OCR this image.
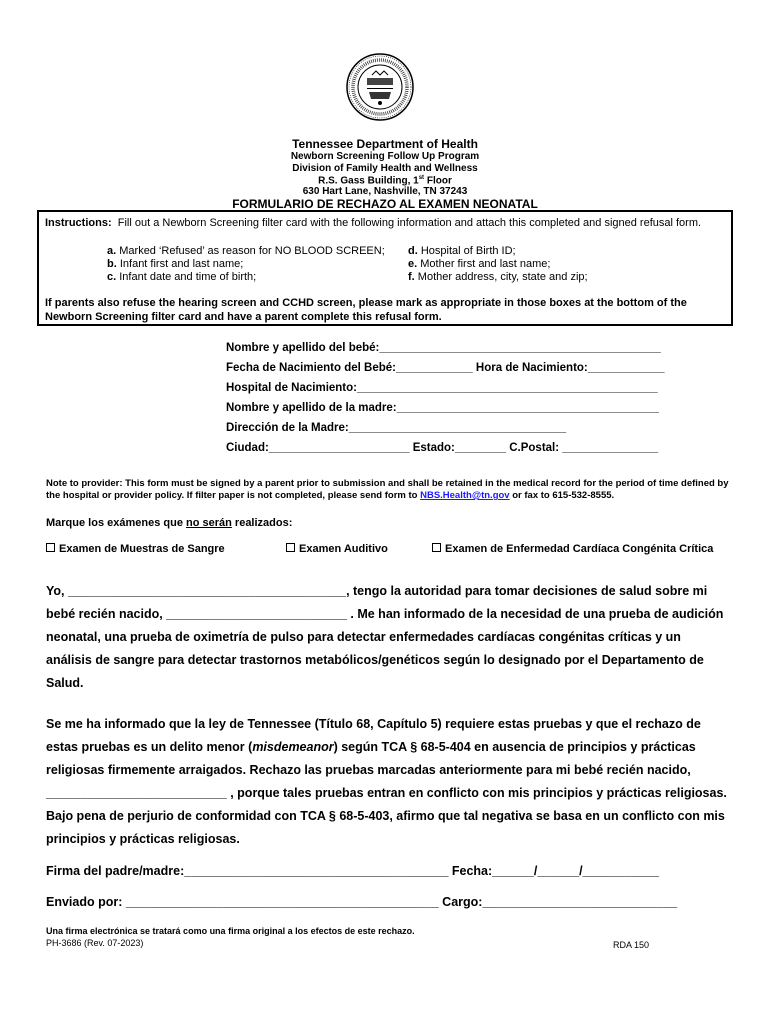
Tennessee Department of Health
Newborn Screening Follow Up Program
Division of Family Health and Wellness
R.S. Gass Building, 1st Floor
630 Hart Lane, Nashville, TN 37243
FORMULARIO DE RECHAZO AL EXAMEN NEONATAL
Instructions: Fill out a Newborn Screening filter card with the following information and attach this completed and signed refusal form.
a. Marked ‘Refused’ as reason for NO BLOOD SCREEN;
b. Infant first and last name;
c. Infant date and time of birth;
d. Hospital of Birth ID;
e. Mother first and last name;
f. Mother address, city, state and zip;
If parents also refuse the hearing screen and CCHD screen, please mark as appropriate in those boxes at the bottom of the Newborn Screening filter card and have a parent complete this refusal form.
Nombre y apellido del bebé:____________________________________________
Fecha de Nacimiento del Bebé:____________ Hora de Nacimiento:____________
Hospital de Nacimiento:_______________________________________________
Nombre y apellido de la madre:_________________________________________
Dirección de la Madre:__________________________________
Ciudad:______________________ Estado:________ C.Postal: _______________
Note to provider: This form must be signed by a parent prior to submission and shall be retained in the medical record for the period of time defined by the hospital or provider policy. If filter paper is not completed, please send form to NBS.Health@tn.gov or fax to 615-532-8555.
Marque los exámenes que no serán realizados:
Examen de Muestras de Sangre	Examen Auditivo	Examen de Enfermedad Cardíaca Congénita Crítica
Yo, ________________________________________, tengo la autoridad para tomar decisiones de salud sobre mi bebé recién nacido, __________________________ . Me han informado de la necesidad de una prueba de audición neonatal, una prueba de oximetría de pulso para detectar enfermedades cardíacas congénitas críticas y un análisis de sangre para detectar trastornos metabólicos/genéticos según lo designado por el Departamento de Salud.
Se me ha informado que la ley de Tennessee (Título 68, Capítulo 5) requiere estas pruebas y que el rechazo de estas pruebas es un delito menor (misdemeanor) según TCA § 68-5-404 en ausencia de principios y prácticas religiosas firmemente arraigados. Rechazo las pruebas marcadas anteriormente para mi bebé recién nacido, __________________________ , porque tales pruebas entran en conflicto con mis principios y prácticas religiosas. Bajo pena de perjurio de conformidad con TCA § 68-5-403, afirmo que tal negativa se basa en un conflicto con mis principios y prácticas religiosas.
Firma del padre/madre:______________________________________ Fecha:______/______/___________
Enviado por: _____________________________________________ Cargo:____________________________
Una firma electrónica se tratará como una firma original a los efectos de este rechazo.
PH-3686 (Rev. 07-2023)	RDA 150
